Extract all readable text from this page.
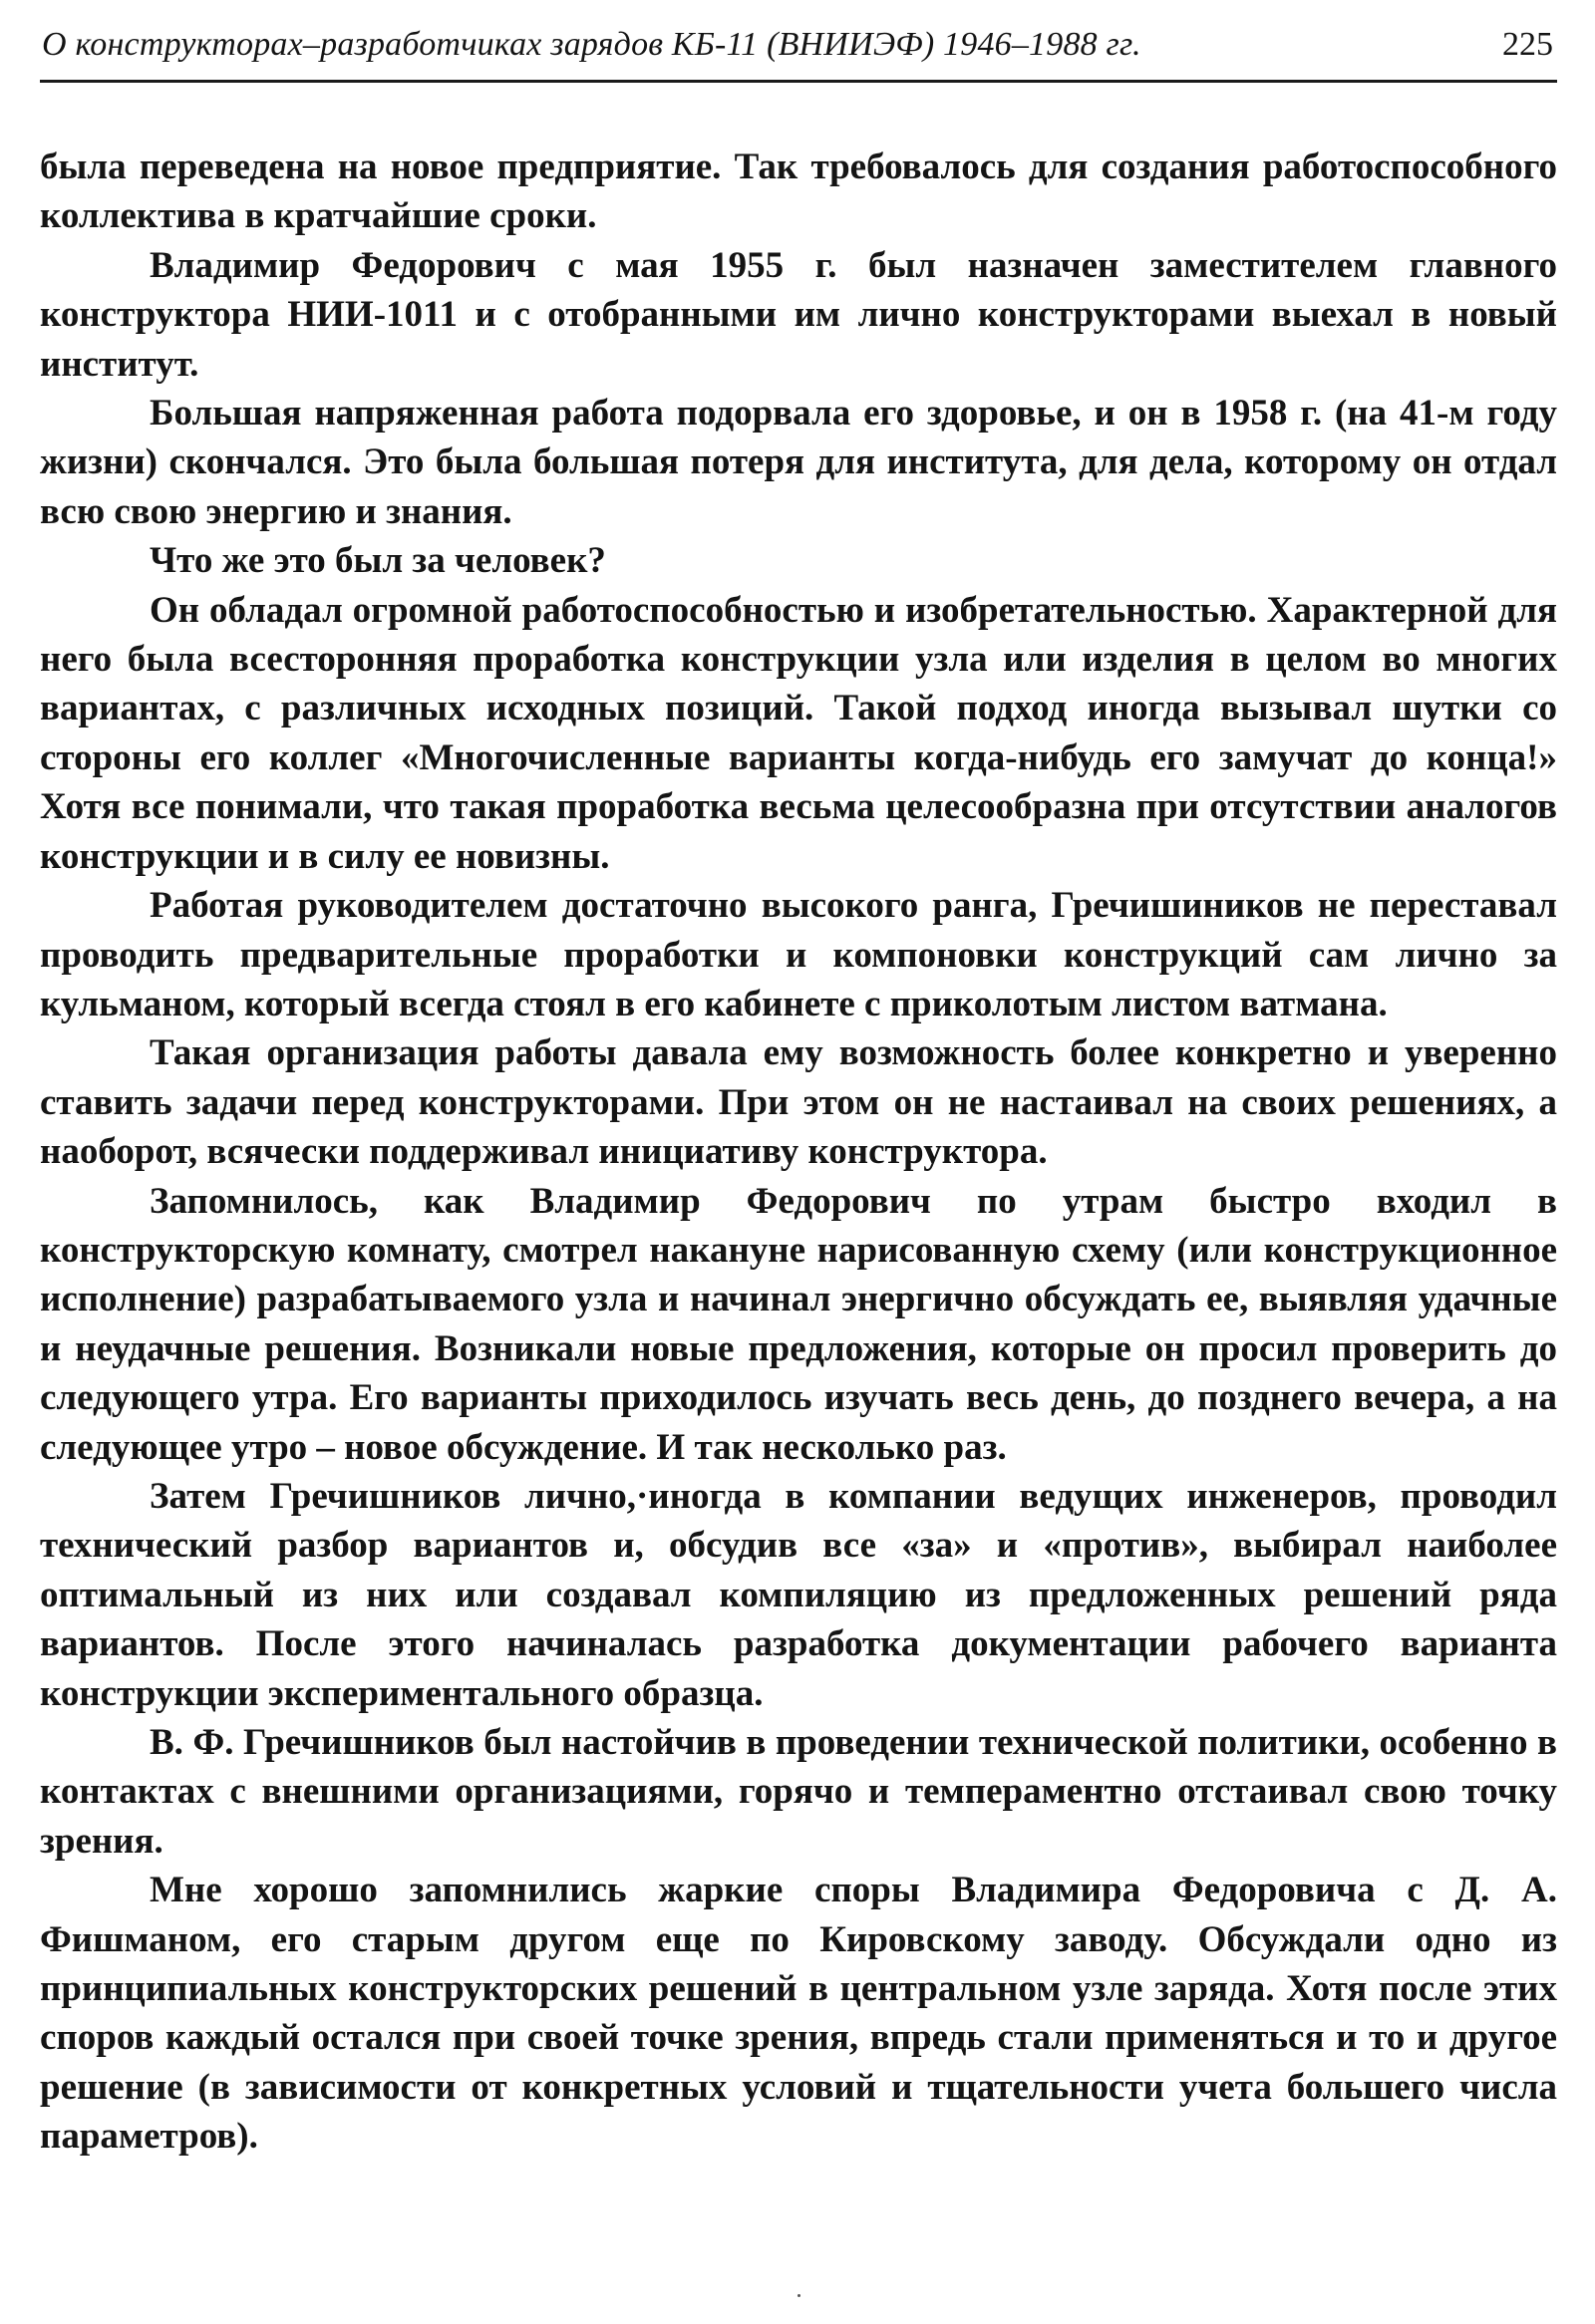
О конструкторах–разработчиках зарядов КБ-11 (ВНИИЭФ) 1946–1988 гг.	225

была переведена на новое предприятие. Так требовалось для создания работоспособного коллектива в кратчайшие сроки.

Владимир Федорович с мая 1955 г. был назначен заместителем главного конструктора НИИ-1011 и с отобранными им лично конструкторами выехал в новый институт.

Большая напряженная работа подорвала его здоровье, и он в 1958 г. (на 41-м году жизни) скончался. Это была большая потеря для института, для дела, которому он отдал всю свою энергию и знания.

Что же это был за человек?

Он обладал огромной работоспособностью и изобретательностью. Характерной для него была всесторонняя проработка конструкции узла или изделия в целом во многих вариантах, с различных исходных позиций. Такой подход иногда вызывал шутки со стороны его коллег «Многочисленные варианты когда-нибудь его замучат до конца!» Хотя все понимали, что такая проработка весьма целесообразна при отсутствии аналогов конструкции и в силу ее новизны.

Работая руководителем достаточно высокого ранга, Гречишиников не переставал проводить предварительные проработки и компоновки конструкций сам лично за кульманом, который всегда стоял в его кабинете с приколотым листом ватмана.

Такая организация работы давала ему возможность более конкретно и уверенно ставить задачи перед конструкторами. При этом он не настаивал на своих решениях, а наоборот, всячески поддерживал инициативу конструктора.

Запомнилось, как Владимир Федорович по утрам быстро входил в конструкторскую комнату, смотрел накануне нарисованную схему (или конструкционное исполнение) разрабатываемого узла и начинал энергично обсуждать ее, выявляя удачные и неудачные решения. Возникали новые предложения, которые он просил проверить до следующего утра. Его варианты приходилось изучать весь день, до позднего вечера, а на следующее утро – новое обсуждение. И так несколько раз.

Затем Гречишников лично,·иногда в компании ведущих инженеров, проводил технический разбор вариантов и, обсудив все «за» и «против», выбирал наиболее оптимальный из них или создавал компиляцию из предложенных решений ряда вариантов. После этого начиналась разработка документации рабочего варианта конструкции экспериментального образца.

В. Ф. Гречишников был настойчив в проведении технической политики, особенно в контактах с внешними организациями, горячо и темпераментно отстаивал свою точку зрения.

Мне хорошо запомнились жаркие споры Владимира Федоровича с Д. А. Фишманом, его старым другом еще по Кировскому заводу. Обсуждали одно из принципиальных конструкторских решений в центральном узле заряда. Хотя после этих споров каждый остался при своей точке зрения, впредь стали применяться и то и другое решение (в зависимости от конкретных условий и тщательности учета большего числа параметров).
